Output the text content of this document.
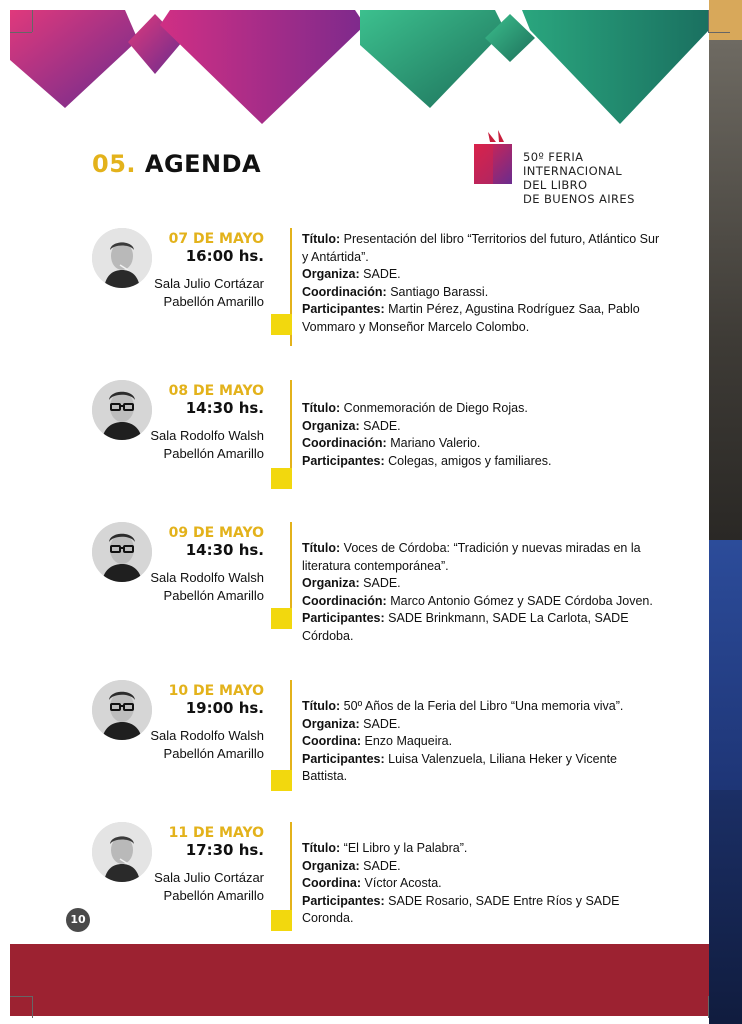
05. AGENDA	50º FERIA
INTERNACIONAL
DEL LIBRO
DE BUENOS AIRES
07 DE MAYO
16:00 hs.
Sala Julio Cortázar
Pabellón Amarillo

Título: Presentación del libro “Territorios del futuro, Atlántico Sur y Antártida”.

Organiza: SADE.

Coordinación: Santiago Barassi.

Participantes: Martin Pérez, Agustina Rodríguez Saa, Pablo Vommaro y Monseñor Marcelo Colombo.

08 DE MAYO
14:30 hs.
Sala Rodolfo Walsh
Pabellón Amarillo

Título: Conmemoración de Diego Rojas.

Organiza: SADE.

Coordinación: Mariano Valerio.

Participantes: Colegas, amigos y familiares.

09 DE MAYO
14:30 hs.
Sala Rodolfo Walsh
Pabellón Amarillo

Título: Voces de Córdoba: “Tradición y nuevas miradas en la literatura contemporánea”.

Organiza: SADE.

Coordinación: Marco Antonio Gómez y SADE Córdoba Joven.

Participantes: SADE Brinkmann, SADE La Carlota, SADE Córdoba.

10 DE MAYO
19:00 hs.
Sala Rodolfo Walsh
Pabellón Amarillo

Título: 50º Años de la Feria del Libro “Una memoria viva”.

Organiza: SADE.

Coordina: Enzo Maqueira.

Participantes: Luisa Valenzuela, Liliana Heker y Vicente Battista.

11 DE MAYO
17:30 hs.
Sala Julio Cortázar
Pabellón Amarillo

Título: “El Libro y la Palabra”.

Organiza: SADE.

Coordina: Víctor Acosta.

Participantes: SADE Rosario, SADE Entre Ríos y SADE Coronda.

10
